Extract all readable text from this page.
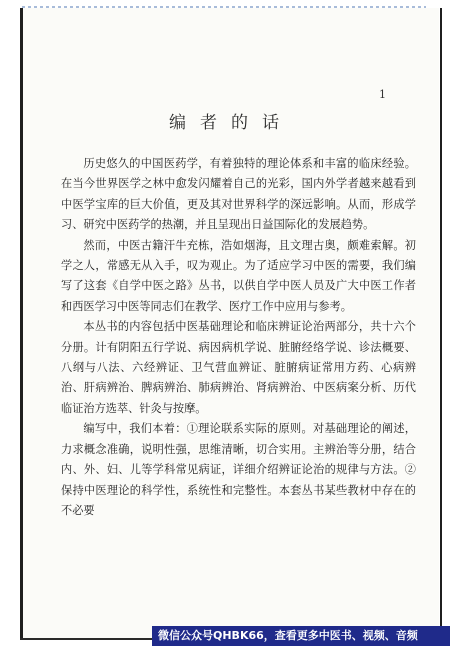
1
编者的话

历史悠久的中国医药学，有着独特的理论体系和丰富的临床经验。在当今世界医学之林中愈发闪耀着自己的光彩，国内外学者越来越看到中医学宝库的巨大价值，更及其对世界科学的深远影响。从而，形成学习、研究中医药学的热潮，并且呈现出日益国际化的发展趋势。

然而，中医古籍汗牛充栋，浩如烟海，且文理古奥，颇难索解。初学之人，常感无从入手，叹为观止。为了适应学习中医的需要，我们编写了这套《自学中医之路》丛书，以供自学中医人员及广大中医工作者和西医学习中医等同志们在教学、医疗工作中应用与参考。

本丛书的内容包括中医基础理论和临床辨证论治两部分，共十六个分册。计有阴阳五行学说、病因病机学说、脏腑经络学说、诊法概要、八纲与八法、六经辨证、卫气营血辨证、脏腑病证常用方药、心病辨治、肝病辨治、脾病辨治、肺病辨治、肾病辨治、中医病案分析、历代临证治方选萃、针灸与按摩。

编写中，我们本着：①理论联系实际的原则。对基础理论的阐述，力求概念准确，说明性强，思维清晰，切合实用。主辨治等分册，结合内、外、妇、儿等学科常见病证，详细介绍辨证论治的规律与方法。②保持中医理论的科学性，系统性和完整性。本套丛书某些教材中存在的不必要

微信公众号QHBK66，查看更多中医书、视频、音频
